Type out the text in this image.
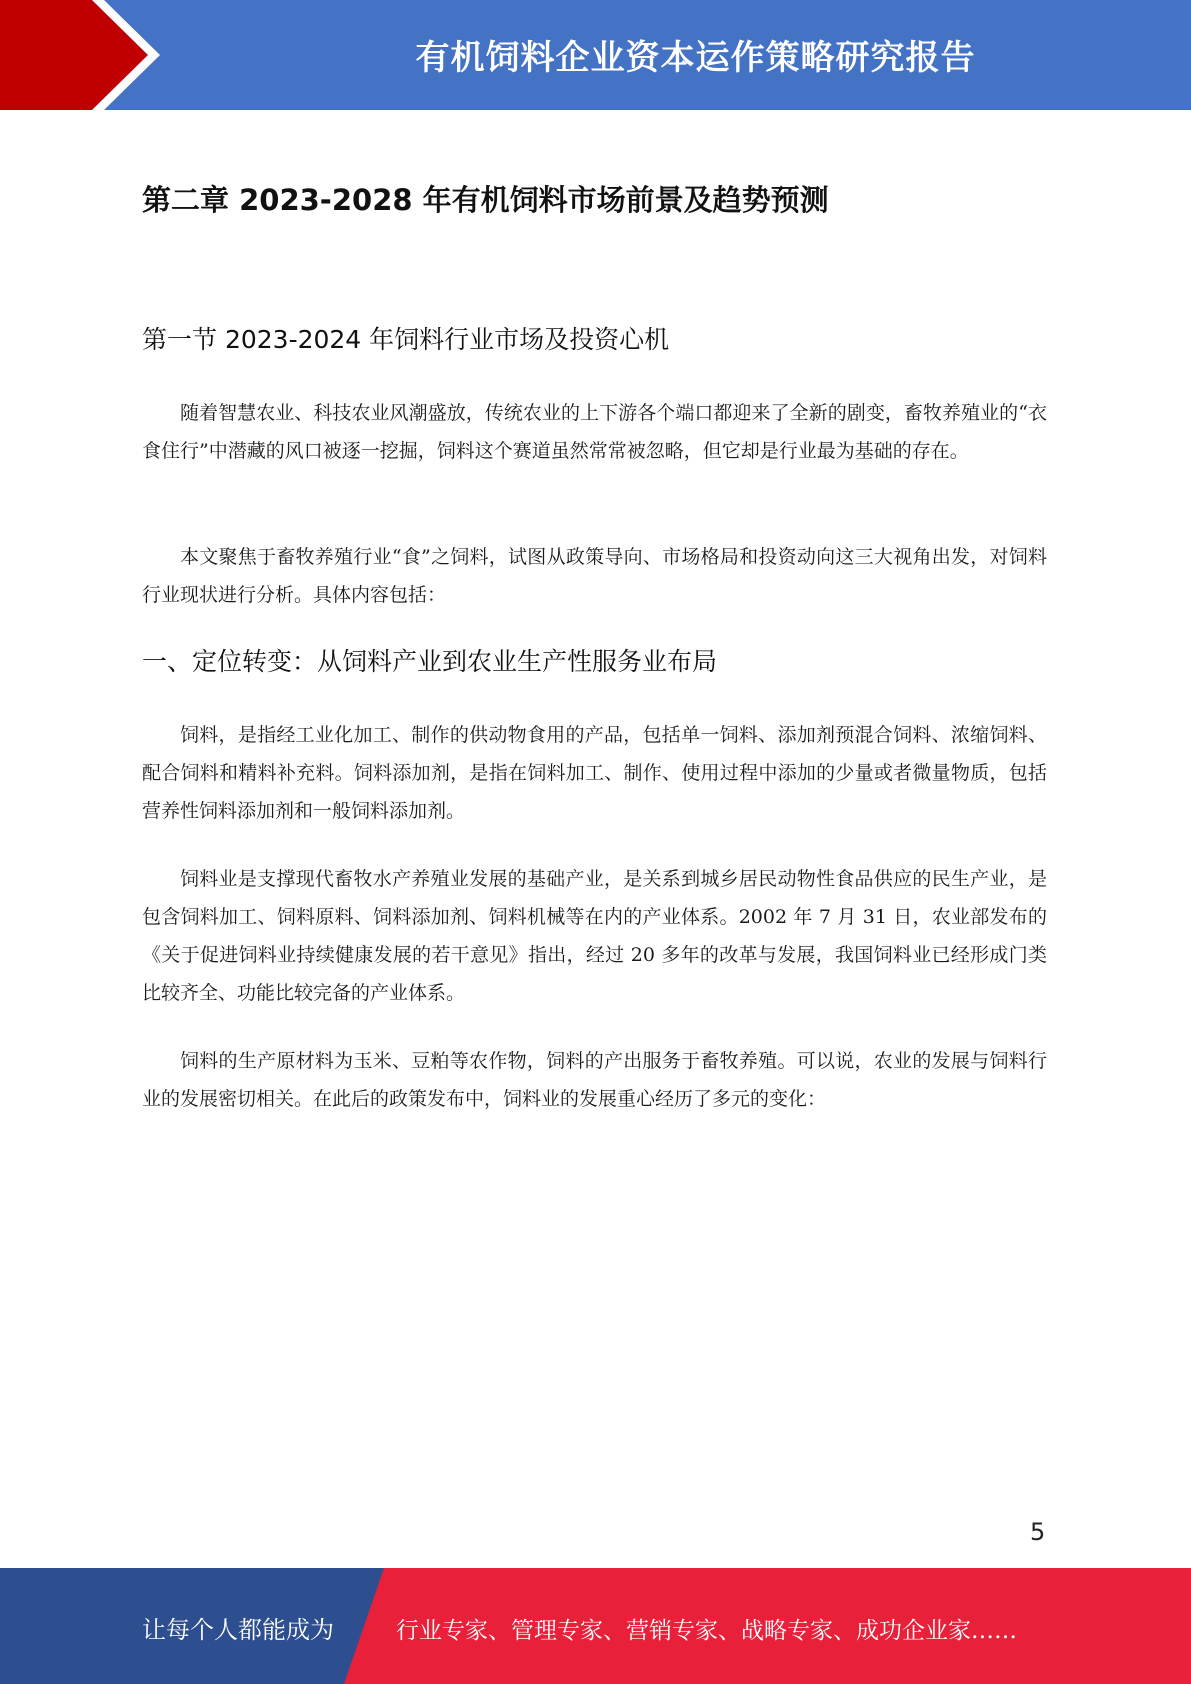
有机饲料企业资本运作策略研究报告
第二章 2023-2028 年有机饲料市场前景及趋势预测
第一节 2023-2024 年饲料行业市场及投资心机

随着智慧农业、科技农业风潮盛放，传统农业的上下游各个端口都迎来了全新的剧变，畜牧养殖业的“衣食住行”中潜藏的风口被逐一挖掘，饲料这个赛道虽然常常被忽略，但它却是行业最为基础的存在。

本文聚焦于畜牧养殖行业“食”之饲料，试图从政策导向、市场格局和投资动向这三大视角出发，对饲料行业现状进行分析。具体内容包括：

一、定位转变：从饲料产业到农业生产性服务业布局

饲料，是指经工业化加工、制作的供动物食用的产品，包括单一饲料、添加剂预混合饲料、浓缩饲料、配合饲料和精料补充料。饲料添加剂，是指在饲料加工、制作、使用过程中添加的少量或者微量物质，包括营养性饲料添加剂和一般饲料添加剂。

饲料业是支撑现代畜牧水产养殖业发展的基础产业，是关系到城乡居民动物性食品供应的民生产业，是包含饲料加工、饲料原料、饲料添加剂、饲料机械等在内的产业体系。2002 年 7 月 31 日，农业部发布的《关于促进饲料业持续健康发展的若干意见》指出，经过 20 多年的改革与发展，我国饲料业已经形成门类比较齐全、功能比较完备的产业体系。

饲料的生产原材料为玉米、豆粕等农作物，饲料的产出服务于畜牧养殖。可以说，农业的发展与饲料行业的发展密切相关。在此后的政策发布中，饲料业的发展重心经历了多元的变化：

5
让每个人都能成为	行业专家、管理专家、营销专家、战略专家、成功企业家……
